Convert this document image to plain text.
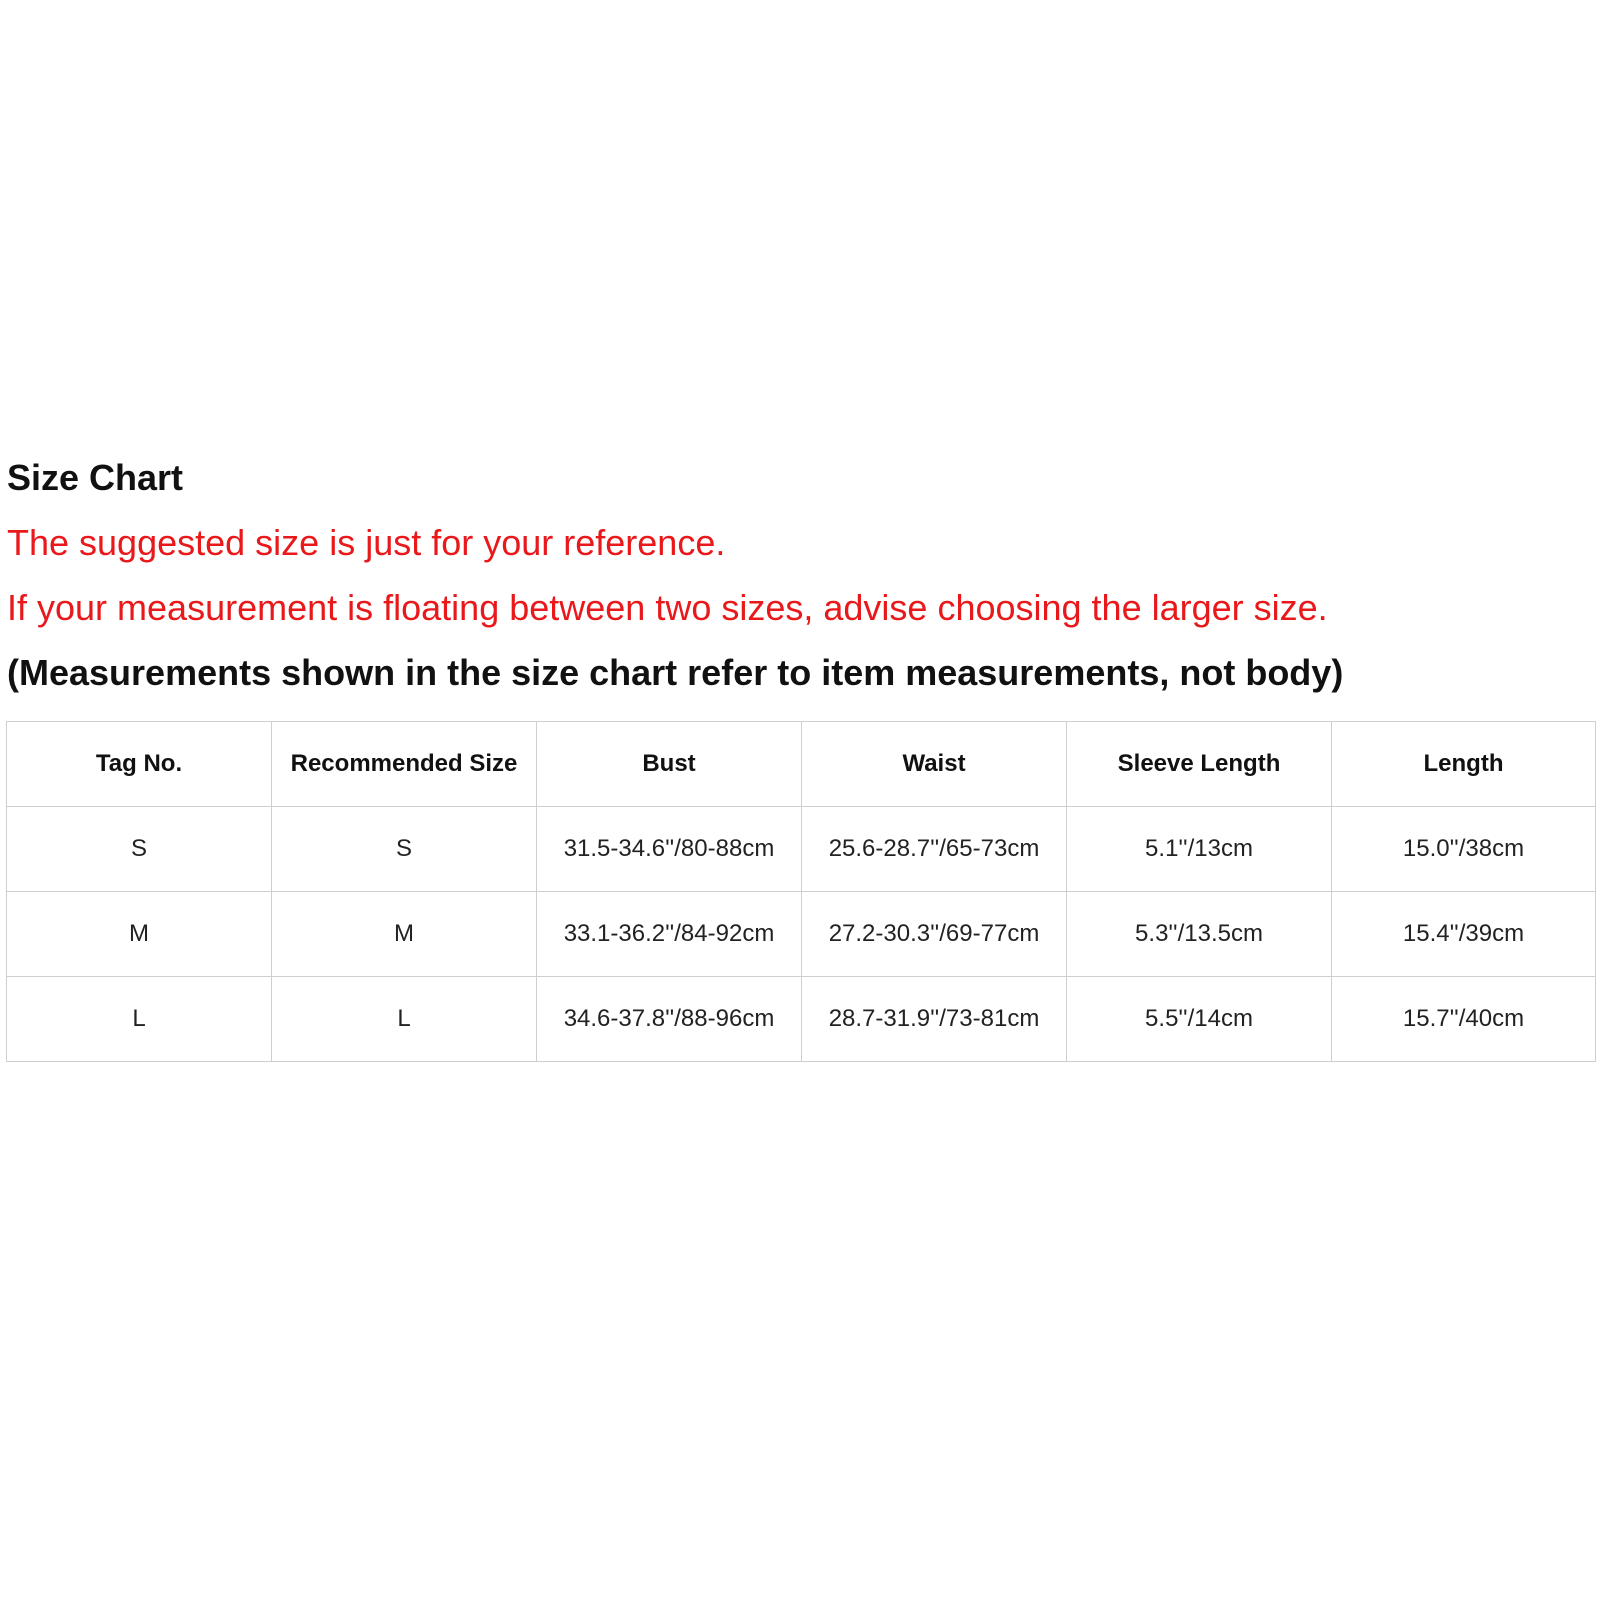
Size Chart

The suggested size is just for your reference.

If your measurement is floating between two sizes, advise choosing the larger size.

(Measurements shown in the size chart refer to item measurements, not body)

Tag No.	Recommended Size	Bust	Waist	Sleeve Length	Length
S	S	31.5-34.6''/80-88cm	25.6-28.7''/65-73cm	5.1''/13cm	15.0''/38cm
M	M	33.1-36.2''/84-92cm	27.2-30.3''/69-77cm	5.3''/13.5cm	15.4''/39cm
L	L	34.6-37.8''/88-96cm	28.7-31.9''/73-81cm	5.5''/14cm	15.7''/40cm
